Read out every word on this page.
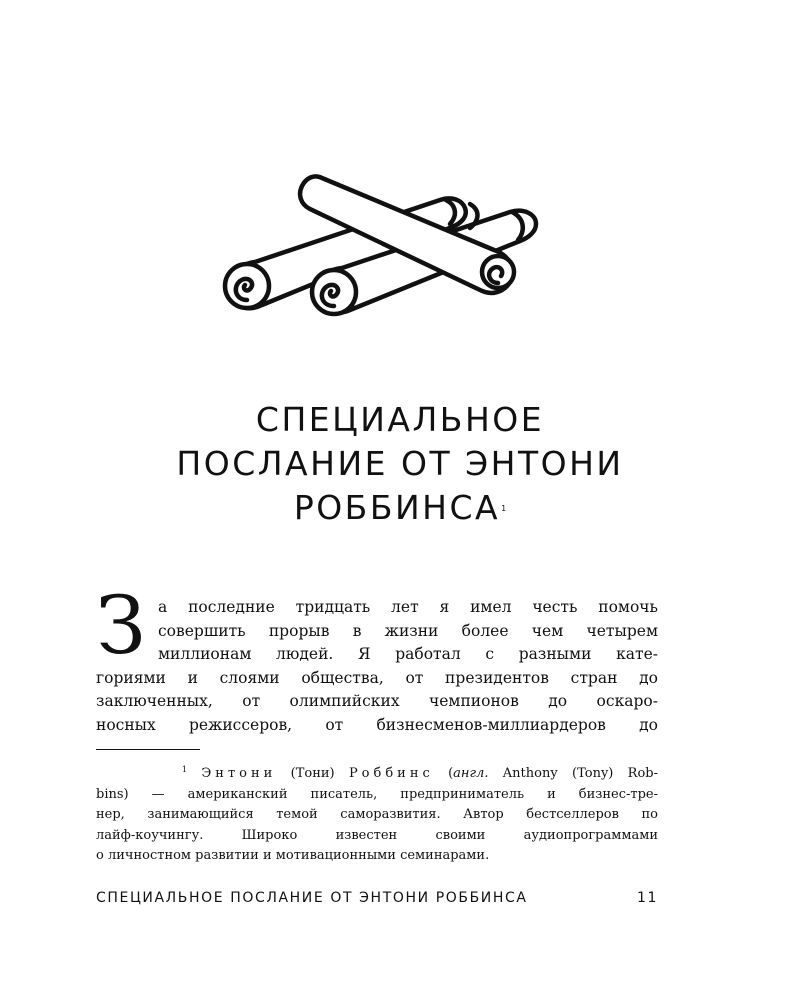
СПЕЦИАЛЬНОЕ
ПОСЛАНИЕ ОТ ЭНТОНИ
РОББИНСА$^1$
З а последние тридцать лет я имел честь помочь
совершить прорыв в жизни более чем четырем
миллионам людей. Я работал с разными кате-
гориями и слоями общества, от президентов стран до
заключенных, от олимпийских чемпионов до оскаро-
носных режиссеров, от бизнесменов-миллиардеров до
$^1$ Энтони (Тони) Роббинс (англ. Anthony (Tony) Rob-
bins) — американский писатель, предприниматель и бизнес-тре-
нер, занимающийся темой саморазвития. Автор бестселлеров по
лайф-коучингу. Широко известен своими аудиопрограммами
о личностном развитии и мотивационными семинарами.
СПЕЦИАЛЬНОЕ ПОСЛАНИЕ ОТ ЭНТОНИ РОББИНСА	11
